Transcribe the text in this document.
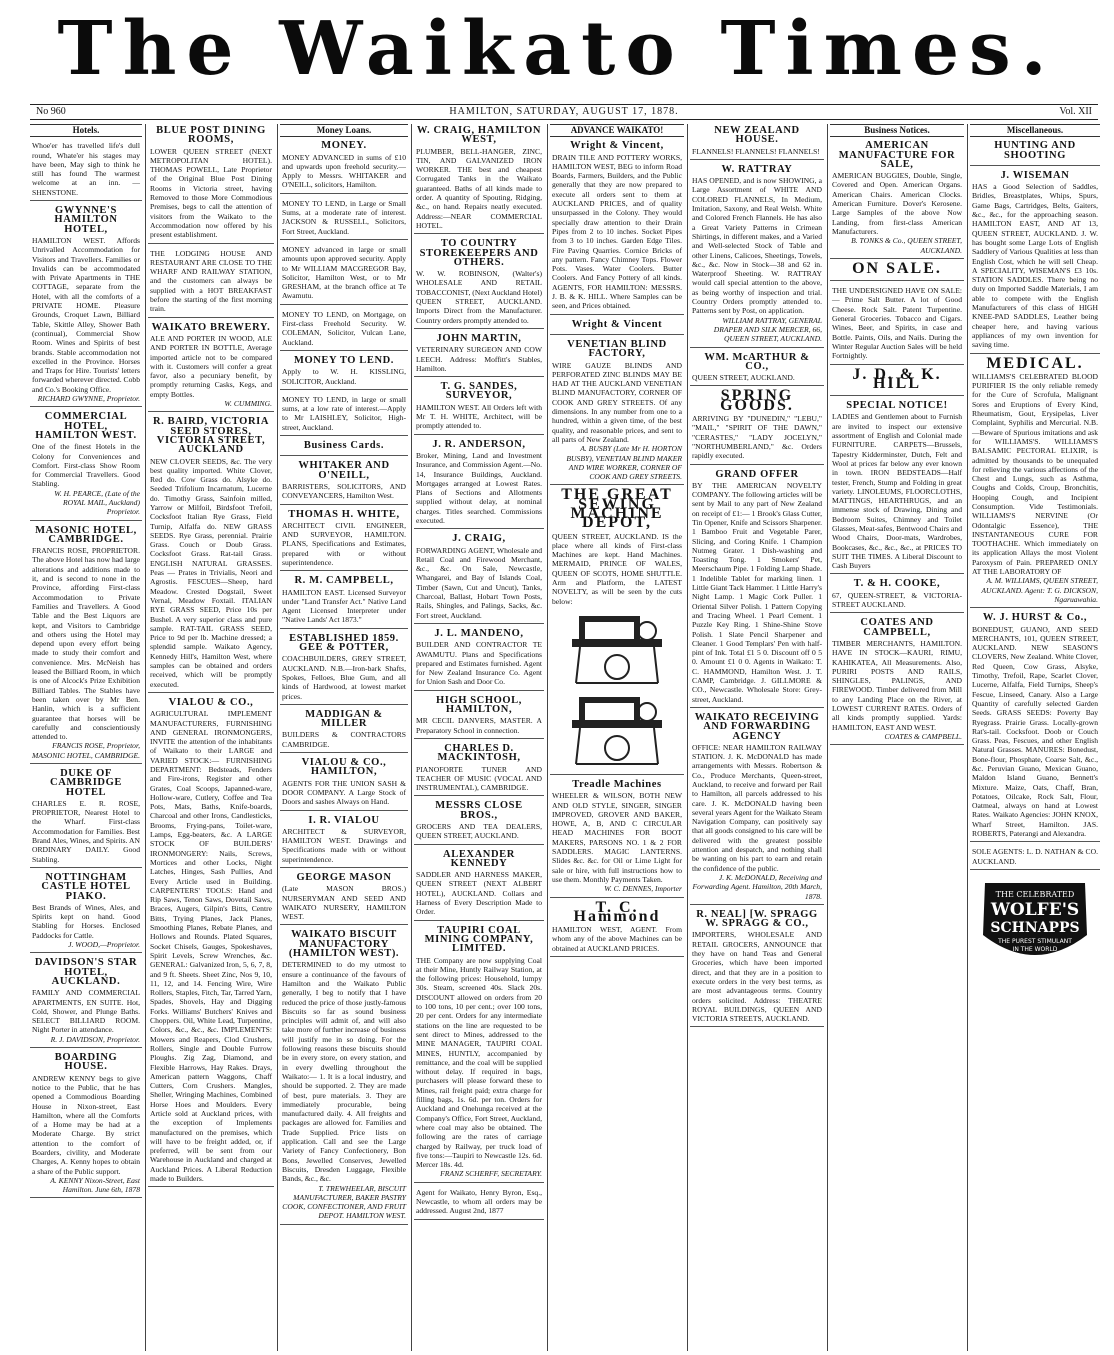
The Waikato Times.
No 960	HAMILTON, SATURDAY, AUGUST 17, 1878.	Vol. XII
Hotels.

Whoe'er has travelled life's dull round, Whate'er his stages may have been, May sigh to think he still has found The warmest welcome at an inn. —SHENSTONE.

GWYNNE'S HAMILTON HOTEL,

HAMILTON WEST. Affords Unrivalled Accommodation for Visitors and Travellers. Families or Invalids can be accommodated with Private Apartments in THE COTTAGE, separate from the Hotel, with all the comforts of a PRIVATE HOME. Pleasure Grounds, Croquet Lawn, Billiard Table, Skittle Alley, Shower Bath (continual), Commercial Show Room. Wines and Spirits of best brands. Stable accommodation not excelled in the Province. Horses and Traps for Hire. Tourists' letters forwarded wherever directed. Cobb and Co.'s Booking Office.

RICHARD GWYNNE, Proprietor.

COMMERCIAL HOTEL, HAMILTON WEST.

One of the finest Hotels in the Colony for Conveniences and Comfort. First-class Show Room for Commercial Travellers. Good Stabling.

W. H. PEARCE, (Late of the ROYAL MAIL, Auckland) Proprietor.

MASONIC HOTEL, CAMBRIDGE.

FRANCIS ROSE, PROPRIETOR. The above Hotel has now had large alterations and additions made to it, and is second to none in the Province, affording First-class Accommodation to Private Families and Travellers. A Good Table and the Best Liquors are kept, and Visitors to Cambridge and others using the Hotel may depend upon every effort being made to study their comfort and convenience. Mrs. McNeish has leased the Billiard Room, in which is one of Alcock's Prize Exhibition Billiard Tables. The Stables have been taken over by Mr Ben. Hanlin, which is a sufficient guarantee that horses will be carefully and conscientiously attended to.

FRANCIS ROSE, Proprietor, MASONIC HOTEL, CAMBRIDGE.

DUKE OF CAMBRIDGE HOTEL

CHARLES E. R. ROSE, PROPRIETOR, Nearest Hotel to the Wharf. First-class Accommodation for Families. Best Brand Ales, Wines, and Spirits. AN ORDINARY DAILY. Good Stabling.

NOTTINGHAM CASTLE HOTEL PIAKO.

Best Brands of Wines, Ales, and Spirits kept on hand. Good Stabling for Horses. Enclosed Paddocks for Cattle.

J. WOOD,—Proprietor.

DAVIDSON'S STAR HOTEL, AUCKLAND.

FAMILY AND COMMERCIAL APARTMENTS, EN SUITE. Hot, Cold, Shower, and Plunge Baths. SELECT BILLIARD ROOM. Night Porter in attendance.

R. J. DAVIDSON, Proprietor.

BOARDING HOUSE.

ANDREW KENNY begs to give notice to the Public, that he has opened a Commodious Boarding House in Nixon-street, East Hamilton, where all the Comforts of a Home may be had at a Moderate Charge. By strict attention to the comfort of Boarders, civility, and Moderate Charges, A. Kenny hopes to obtain a share of the Public support.

A. KENNY Nixon-Street, East Hamilton. June 6th, 1878

BLUE POST DINING ROOMS,

LOWER QUEEN STREET (NEXT METROPOLITAN HOTEL). THOMAS POWELL, Late Proprietor of the Original Blue Post Dining Rooms in Victoria street, having Removed to those More Commodious Premises, begs to call the attention of visitors from the Waikato to the Accommodation now offered by his present establishment.

THE LODGING HOUSE AND RESTAURANT ARE CLOSE TO THE WHARF AND RAILWAY STATION, and the customers can always be supplied with a HOT BREAKFAST before the starting of the first morning train.

WAIKATO BREWERY.

ALE AND PORTER IN WOOD, ALE AND PORTER IN BOTTLE, Average imported article not to be compared with it. Customers will confer a great favor, also a pecuniary benefit, by promptly returning Casks, Kegs, and empty Bottles.

W. CUMMING.

R. BAIRD, VICTORIA SEED STORES, VICTORIA STREET, AUCKLAND

NEW CLOVER SEEDS, &c. The very best quality imported. White Clover, Red do. Cow Grass do. Alsyke do. Seeded Trifolium Incarnatum, Lucerne do. Timothy Grass, Sainfoin milled, Yarrow or Milfoil, Birdsfoot Trefoil, Cocksfoot Italian Rye Grass, Field Turnip, Alfalfa do. NEW GRASS SEEDS. Rye Grass, perennial. Prairie Grass. Couch or Doub Grass. Cocksfoot Grass. Rat-tail Grass. ENGLISH NATURAL GRASSES. Peas — Prates in Trivialis, Neori and Agrostis. FESCUES—Sheep, hard Meadow. Crested Dogstail, Sweet Vernal, Meadow Foxtail. ITALIAN RYE GRASS SEED, Price 10s per Bushel. A very superior class and pure sample. RAT-TAIL GRASS SEED, Price to 9d per lb. Machine dressed; a splendid sample. Waikato Agency, Kennedy Hill's, Hamilton West, where samples can be obtained and orders received, which will be promptly executed.

VIALOU & CO.,

AGRICULTURAL IMPLEMENT MANUFACTURERS, FURNISHING AND GENERAL IRONMONGERS, INVITE the attention of the inhabitants of Waikato to their LARGE and VARIED STOCK:— FURNISHING DEPARTMENT: Bedsteads, Fenders and Fire-irons, Register and other Grates, Coal Scoops, Japanned-ware, Hollow-ware, Cutlery, Coffee and Tea Pots, Mats, Baths, Knife-boards, Charcoal and other Irons, Candlesticks, Brooms, Frying-pans, Toilet-ware, Lamps, Egg-beaters, &c. A LARGE STOCK OF BUILDERS' IRONMONGERY: Nails, Screws, Mortices and other Locks, Night Latches, Hinges, Sash Pullies, And Every Article used in Building. CARPENTERS' TOOLS: Hand and Rip Saws, Tenon Saws, Dovetail Saws, Braces, Augers, Gilpin's Bitts, Centre Bitts, Trying Planes, Jack Planes, Smoothing Planes, Rebate Planes, and Hollows and Rounds. Plated Squares, Socket Chisels, Gauges, Spokeshaves, Spirit Levels, Screw Wrenches, &c. GENERAL: Galvanized Iron, 5, 6, 7, 8, and 9 ft. Sheets. Sheet Zinc, Nos 9, 10, 11, 12, and 14. Fencing Wire, Wire Rollers, Staples, Fitch, Tar, Tarred Yarn, Spades, Shovels, Hay and Digging Forks. Williams' Butchers' Knives and Choppers. Oil, White Lead, Turpentine, Colors, &c., &c., &c. IMPLEMENTS: Mowers and Reapers, Clod Crushers, Rollers, Single and Double Furrow Ploughs. Zig Zag, Diamond, and Flexible Harrows, Hay Rakes. Drays, American pattern Waggons, Chaff Cutters, Corn Crushers. Mangles, Sheller, Wringing Machines, Combined Horse Hoes and Moulders. Every Article sold at Auckland prices, with the exception of Implements manufactured on the premises, which will have to be freight added, or, if preferred, will be sent from our Warehouse in Auckland and charged at Auckland Prices. A Liberal Reduction made to Builders.

Money Loans.
MONEY.

MONEY ADVANCED in sums of £10 and upwards upon freehold security.—Apply to Messrs. WHITAKER and O'NEILL, solicitors, Hamilton.

MONEY TO LEND, in Large or Small Sums, at a moderate rate of interest. JACKSON & RUSSELL, Solicitors, Fort Street, Auckland.

MONEY advanced in large or small amounts upon approved security. Apply to Mr WILLIAM MACGREGOR Bay, Solicitor, Hamilton West, or to Mr GRESHAM, at the branch office at Te Awamutu.

MONEY TO LEND, on Mortgage, on First-class Freehold Security. W. COLEMAN, Solicitor, Vulcan Lane, Auckland.

MONEY TO LEND.

Apply to W. H. KISSLING, SOLICITOR, Auckland.

MONEY TO LEND, in large or small sums, at a low rate of interest.—Apply to Mr LAISHLEY, Solicitor, High-street, Auckland.

Business Cards.
WHITAKER AND O'NEILL,

BARRISTERS, SOLICITORS, AND CONVEYANCERS, Hamilton West.

THOMAS H. WHITE,

ARCHITECT CIVIL ENGINEER, AND SURVEYOR, HAMILTON. PLANS, Specifications and Estimates, prepared with or without superintendence.

R. M. CAMPBELL,

HAMILTON EAST. Licensed Surveyor under "Land Transfer Act." Native Land Agent Licensed Interpreter under "Native Lands' Act 1873."

ESTABLISHED 1859. GEE & POTTER,

COACHBUILDERS, GREY STREET, AUCKLAND. N.B.—Iron-bark Shafts, Spokes, Felloes, Blue Gum, and all kinds of Hardwood, at lowest market prices.

MADDIGAN & MILLER

BUILDERS & CONTRACTORS CAMBRIDGE.

VIALOU & CO., HAMILTON,

AGENTS FOR THE UNION SASH & DOOR COMPANY. A Large Stock of Doors and sashes Always on Hand.

I. R. VIALOU

ARCHITECT & SURVEYOR, HAMILTON WEST. Drawings and Specifications made with or without superintendence.

GEORGE MASON

(Late MASON BROS.) NURSERYMAN AND SEED AND WAIKATO NURSERY, HAMILTON WEST.

WAIKATO BISCUIT MANUFACTORY (HAMILTON WEST).

DETERMINED to do my utmost to ensure a continuance of the favours of Hamilton and the Waikato Public generally, I beg to notify that I have reduced the price of those justly-famous Biscuits so far as sound business principles will admit of, and will also take more of further increase of business will justify me in so doing. For the following reasons these biscuits should be in every store, on every station, and in every dwelling throughout the Waikato:— 1. It is a local industry, and should be supported. 2. They are made of best, pure materials. 3. They are immediately procurable, being manufactured daily. 4. All freights and packages are allowed for. Families and Trade Supplied. Price lists on application. Call and see the Large Variety of Fancy Confectionery, Bon Bons, Jewelled Conserves, Jewelled Biscuits, Dresden Luggage, Flexible Bands, &c., &c.

T. TREWHEELAR, BISCUIT MANUFACTURER, BAKER PASTRY COOK, CONFECTIONER, AND FRUIT DEPOT. HAMILTON WEST.

W. CRAIG, HAMILTON WEST,

PLUMBER, BELL-HANGER, ZINC, TIN, AND GALVANIZED IRON WORKER. THE best and cheapest Corrugated Tanks in the Waikato guaranteed. Baths of all kinds made to order. A quantity of Spouting, Ridging, &c., on hand. Repairs neatly executed. Address:—NEAR COMMERCIAL HOTEL.

TO COUNTRY STOREKEEPERS AND OTHERS.

W. W. ROBINSON, (Walter's) WHOLESALE AND RETAIL TOBACCONIST, (Next Auckland Hotel) QUEEN STREET, AUCKLAND. Imports Direct from the Manufacturer. Country orders promptly attended to.

JOHN MARTIN,

VETERINARY SURGEON AND COW LEECH. Address: Moffitt's Stables, Hamilton.

T. G. SANDES, SURVEYOR,

HAMILTON WEST. All Orders left with Mr T. H. WHITE, Architect, will be promptly attended to.

J. R. ANDERSON,

Broker, Mining, Land and Investment Insurance, and Commission Agent.—No. 14, Insurance Buildings, Auckland. Mortgages arranged at Lowest Rates. Plans of Sections and Allotments supplied without delay, at nominal charges. Titles searched. Commissions executed.

J. CRAIG,

FORWARDING AGENT, Wholesale and Retail Coal and Firewood Merchant, &c., &c. On Sale, Newcastle, Whangarei, and Bay of Islands Coal, Timber (Sawn, Cut and Uncut), Tanks, Charcoal, Ballast, Hobart Town Posts, Rails, Shingles, and Palings, Sacks, &c. Fort street, Auckland.

J. L. MANDENO,

BUILDER AND CONTRACTOR TE AWAMUTU. Plans and Specifications prepared and Estimates furnished. Agent for New Zealand Insurance Co. Agent for Union Sash and Door Co.

HIGH SCHOOL, HAMILTON,

MR CECIL DANVERS, MASTER. A Preparatory School in connection.

CHARLES D. MACKINTOSH,

PIANOFORTE TUNER AND TEACHER OF MUSIC (VOCAL AND INSTRUMENTAL), CAMBRIDGE.

MESSRS CLOSE BROS.,

GROCERS AND TEA DEALERS, QUEEN STREET, AUCKLAND.

ALEXANDER KENNEDY

SADDLER AND HARNESS MAKER, QUEEN STREET (NEXT ALBERT HOTEL), AUCKLAND. Collars and Harness of Every Description Made to Order.

TAUPIRI COAL MINING COMPANY, LIMITED.

THE Company are now supplying Coal at their Mine, Huntly Railway Station, at the following prices: Household, lumpy 30s. Steam, screened 40s. Slack 20s. DISCOUNT allowed on orders from 20 to 100 tons, 10 per cent.; over 100 tons, 20 per cent. Orders for any intermediate stations on the line are requested to be sent direct to Mines, addressed to the MINE MANAGER, TAUPIRI COAL MINES, HUNTLY, accompanied by remittance, and the coal will be supplied without delay. If required in bags, purchasers will please forward these to Mines, rail freight paid; extra charge for filling bags, 1s. 6d. per ton. Orders for Auckland and Onehunga received at the Company's Office, Fort Street, Auckland, where coal may also be obtained. The following are the rates of carriage charged by Railway, per truck load of five tons:—Taupiri to Newcastle 12s. 6d. Mercer 18s. 4d.

FRANZ SCHERFF, SECRETARY.

Agent for Waikato, Henry Byron, Esq., Newcastle, to whom all orders may be addressed. August 2nd, 1877

ADVANCE WAIKATO!
Wright & Vincent,

DRAIN TILE AND POTTERY WORKS, HAMILTON WEST, BEG to inform Road Boards, Farmers, Builders, and the Public generally that they are now prepared to execute all orders sent to them at AUCKLAND PRICES, and of quality unsurpassed in the Colony. They would specially draw attention to their Drain Pipes from 2 to 10 inches. Socket Pipes from 3 to 10 inches. Garden Edge Tiles. Fire Paving Quarries. Cornice Bricks of any pattern. Fancy Chimney Tops. Flower Pots. Vases. Water Coolers. Butter Coolers. And Fancy Pottery of all kinds. AGENTS, FOR HAMILTON: MESSRS. J. B. & K. HILL. Where Samples can be seen, and Prices obtained.

Wright & Vincent
VENETIAN BLIND FACTORY,

WIRE GAUZE BLINDS AND PERFORATED ZINC BLINDS MAY BE HAD AT THE AUCKLAND VENETIAN BLIND MANUFACTORY, CORNER OF COOK AND GREY STREETS. Of any dimensions. In any number from one to a hundred, within a given time, of the best quality, and reasonable prices, and sent to all parts of New Zealand.

A. BUSBY (Late Mr H. HORTON BUSBY), VENETIAN BLIND MAKER AND WIRE WORKER, CORNER OF COOK AND GREY STREETS.

THE GREAT SEWING MACHINE DEPOT,

QUEEN STREET, AUCKLAND. IS the place where all kinds of First-class Machines are kept. Hand Machines. MERMAID, PRINCE OF WALES, QUEEN OF SCOTS, HOME SHUTTLE. Arm and Platform, the LATEST NOVELTY, as will be seen by the cuts below:

Treadle Machines

WHEELER & WILSON, BOTH NEW AND OLD STYLE, SINGER, SINGER IMPROVED, GROVER AND BAKER, HOWE, A, B, AND C CIRCULAR HEAD MACHINES FOR BOOT MAKERS, PARSONS NO. 1 & 2 FOR SADDLERS. MAGIC LANTERNS. Slides &c. &c. for Oil or Lime Light for sale or hire, with full instructions how to use them. Monthly Payments Taken.

W. C. DENNES, Importer

T. C. Hammond

HAMILTON WEST, AGENT. From whom any of the above Machines can be obtained at AUCKLAND PRICES.

NEW ZEALAND HOUSE.

FLANNELS! FLANNELS! FLANNELS!

W. RATTRAY

HAS OPENED, and is now SHOWING, a Large Assortment of WHITE AND COLORED FLANNELS, In Medium, Imitation, Saxony, and Real Welsh. White and Colored French Flannels. He has also a Great Variety Patterns in Crimean Shirtings, in different makes, and a Varied and Well-selected Stock of Table and other Linens, Calicoes, Sheetings, Towels, &c., &c. Now in Stock—38 and 62 in. Waterproof Sheeting. W. RATTRAY would call special attention to the above, as being worthy of inspection and trial. Country Orders promptly attended to. Patterns sent by Post, on application.

WILLIAM RATTRAY, GENERAL DRAPER AND SILK MERCER, 66, QUEEN STREET, AUCKLAND.

WM. McARTHUR & CO.,

QUEEN STREET, AUCKLAND.

SPRING GOODS.

ARRIVING BY "DUNEDIN," "LEBU," "MAIL," "SPIRIT OF THE DAWN," "CERASTES," "LADY JOCELYN," "NORTHUMBERLAND," &c. Orders rapidly executed.

GRAND OFFER

BY THE AMERICAN NOVELTY COMPANY. The following articles will be sent by Mail to any part of New Zealand on receipt of £1:— 1 Brook's Glass Cutter, Tin Opener, Knife and Scissors Sharpener. 1 Bamboo Fruit and Vegetable Parer, Slicing, and Coring Knife. 1 Champion Nutmeg Grater. 1 Dish-washing and Toasting Tong. 1 Smokers' Pet, Meerschaum Pipe. 1 Folding Lamp Shade. 1 Indelible Tablet for marking linen. 1 Little Giant Tack Hammer. 1 Little Harry's Night Lamp. 1 Magic Cork Puller. 1 Oriental Silver Polish. 1 Pattern Copying and Tracing Wheel. 1 Pearl Cement. 1 Puzzle Key Ring. 1 Shine-Shine Stove Polish. 1 Slate Pencil Sharpener and Cleaner. 1 Good Templars' Pen with half-pint of Ink. Total £1 5 0. Discount off 0 5 0. Amount £1 0 0. Agents in Waikato: T. C. HAMMOND, Hamilton West. J. T. CAMP, Cambridge. J. GILLMORE & CO., Newcastle. Wholesale Store: Grey-street, Auckland.

WAIKATO RECEIVING AND FORWARDING AGENCY

OFFICE: NEAR HAMILTON RAILWAY STATION. J. K. McDONALD has made arrangements with Messrs. Robertson & Co., Produce Merchants, Queen-street, Auckland, to receive and forward per Rail to Hamilton, all parcels addressed to his care. J. K. McDONALD having been several years Agent for the Waikato Steam Navigation Company, can positively say that all goods consigned to his care will be delivered with the greatest possible attention and despatch, and nothing shall be wanting on his part to earn and retain the confidence of the public.

J. K. McDONALD, Receiving and Forwarding Agent. Hamilton, 20th March, 1878.

R. NEAL] [W. SPRAGG W. SPRAGG & CO.,

IMPORTERS, WHOLESALE AND RETAIL GROCERS, ANNOUNCE that they have on hand Teas and General Groceries, which have been imported direct, and that they are in a position to execute orders in the very best terms, as are most advantageous terms. Country orders solicited. Address: THEATRE ROYAL BUILDINGS, QUEEN AND VICTORIA STREETS, AUCKLAND.

Business Notices.
AMERICAN MANUFACTURE FOR SALE,

AMERICAN BUGGIES, Double, Single, Covered and Open. American Organs. American Chairs. American Clocks. American Furniture. Dover's Kerosene. Large Samples of the above Now Landing, from first-class American Manufacturers.

B. TONKS & Co., QUEEN STREET, AUCKLAND.

ON SALE.

THE UNDERSIGNED HAVE ON SALE:— Prime Salt Butter. A lot of Good Cheese. Rock Salt. Patent Turpentine. General Groceries. Tobacco and Cigars. Wines, Beer, and Spirits, in case and Bottle. Paints, Oils, and Nails. During the Winter Regular Auction Sales will be held Fortnightly.

J. D. & K. HILL
SPECIAL NOTICE!

LADIES and Gentlemen about to Furnish are invited to inspect our extensive assortment of English and Colonial made FURNITURE. CARPETS—Brussels, Tapestry Kidderminster, Dutch, Felt and Wool at prices far below any ever known in town. IRON BEDSTEADS—Half tester, French, Stump and Folding in great variety. LINOLEUMS, FLOORCLOTHS, MATTINGS, HEARTHRUGS, and an immense stock of Drawing, Dining and Bedroom Suites, Chimney and Toilet Glasses, Meat-safes, Bentwood Chairs and Wood Chairs, Door-mats, Wardrobes, Bookcases, &c., &c., &c., at PRICES TO SUIT THE TIMES. A Liberal Discount to Cash Buyers

T. & H. COOKE,

67, QUEEN-STREET, & VICTORIA-STREET AUCKLAND.

COATES AND CAMPBELL,

TIMBER MERCHANTS, HAMILTON. HAVE IN STOCK—KAURI, RIMU, KAHIKATEA, All Measurements. Also, PURIRI POSTS AND RAILS, SHINGLES, PALINGS, AND FIREWOOD. Timber delivered from Mill to any Landing Place on the River, at LOWEST CURRENT RATES. Orders of all kinds promptly supplied. Yards: HAMILTON, EAST AND WEST.

COATES & CAMPBELL.

Miscellaneous.
HUNTING AND SHOOTING
J. WISEMAN

HAS a Good Selection of Saddles, Bridles, Breastplates, Whips, Spurs, Game Bags, Cartridges, Belts, Gaiters, &c., &c., for the approaching season. HAMILTON EAST, AND AT 13, QUEEN STREET, AUCKLAND. J. W. has bought some Large Lots of English Saddlery of Various Qualities at less than English Cost, which he will sell Cheap. A SPECIALITY, WISEMAN'S £3 10s. STATION SADDLES. There being no duty on Imported Saddle Materials, I am able to compete with the English Manufacturers of this class of HIGH KNEE-PAD SADDLES, Leather being cheaper here, and having various appliances of my own invention for saving time.

MEDICAL.

WILLIAMS'S CELEBRATED BLOOD PURIFIER IS the only reliable remedy for the Cure of Scrofula, Malignant Sores and Eruptions of Every Kind, Rheumatism, Gout, Erysipelas, Liver Complaint, Syphilis and Mercurial. N.B.—Beware of Spurious imitations and ask for WILLIAMS'S. WILLIAMS'S BALSAMIC PECTORAL ELIXIR, is admitted by thousands to be unequaled for relieving the various affections of the Chest and Lungs, such as Asthma, Coughs and Colds, Croup, Bronchitis, Hooping Cough, and Incipient Consumption. Vide Testimonials. WILLIAMS'S NERVINE (Or Odontalgic Essence), THE INSTANTANEOUS CURE FOR TOOTHACHE. Which immediately on its application Allays the most Violent Paroxysm of Pain. PREPARED ONLY AT THE LABORATORY OF

A. M. WILLIAMS, QUEEN STREET, AUCKLAND. Agent: T. G. DICKSON, Ngaruawahia.

W. J. HURST & Co.,

BONEDUST, GUANO, AND SEED MERCHANTS, 101, QUEEN STREET, AUCKLAND. NEW SEASON'S CLOVERS, New Zealand. White Clover, Red Queen, Cow Grass, Alsyke, Timothy, Trefoil, Rape, Scarlet Clover, Lucerne, Alfalfa, Field Turnips, Sheep's Fescue, Linseed, Canary. Also a Large Quantity of carefully selected Garden Seeds. GRASS SEEDS: Poverty Bay Ryegrass. Prairie Grass. Locally-grown Rat's-tail. Cocksfoot. Doob or Couch Grass. Peas, Fescues, and other English Natural Grasses. MANURES: Bonedust, Bone-flour, Phosphate, Coarse Salt, &c., &c. Peruvian Guano, Mexican Guano, Maldon Island Guano, Bennett's Mixture. Maize, Oats, Chaff, Bran, Potatoes, Oilcake, Rock Salt, Flour, Oatmeal, always on hand at Lowest Rates. Waikato Agencies: JOHN KNOX, Wharf Street, Hamilton. JAS. ROBERTS, Paterangi and Alexandra.

SOLE AGENTS: L. D. NATHAN & CO. AUCKLAND.

THE CELEBRATED
WOLFE'S
SCHNAPPS
THE PUREST STIMULANT
IN THE WORLD
